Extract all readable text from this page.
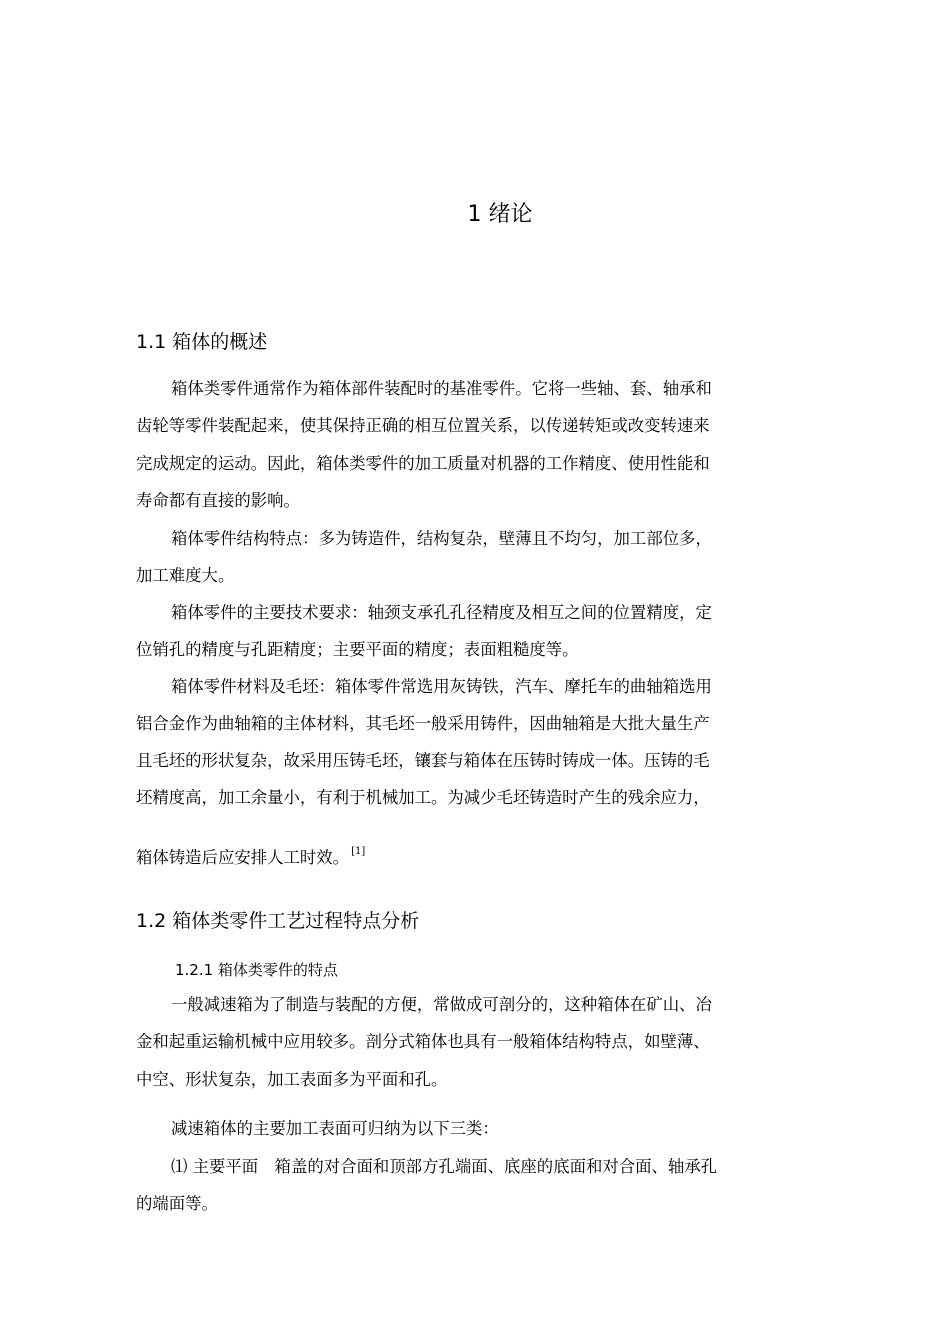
1 绪论
1.1 箱体的概述

箱体类零件通常作为箱体部件装配时的基准零件。它将一些轴、套、轴承和

齿轮等零件装配起来，使其保持正确的相互位置关系，以传递转矩或改变转速来

完成规定的运动。因此，箱体类零件的加工质量对机器的工作精度、使用性能和

寿命都有直接的影响。

箱体零件结构特点：多为铸造件，结构复杂，壁薄且不均匀，加工部位多，

加工难度大。

箱体零件的主要技术要求：轴颈支承孔孔径精度及相互之间的位置精度，定

位销孔的精度与孔距精度；主要平面的精度；表面粗糙度等。

箱体零件材料及毛坯：箱体零件常选用灰铸铁，汽车、摩托车的曲轴箱选用

铝合金作为曲轴箱的主体材料，其毛坯一般采用铸件，因曲轴箱是大批大量生产

且毛坯的形状复杂，故采用压铸毛坯，镶套与箱体在压铸时铸成一体。压铸的毛

坯精度高，加工余量小，有利于机械加工。为减少毛坯铸造时产生的残余应力，

箱体铸造后应安排人工时效。 [1]

1.2 箱体类零件工艺过程特点分析
1.2.1 箱体类零件的特点

一般减速箱为了制造与装配的方便，常做成可剖分的，这种箱体在矿山、冶

金和起重运输机械中应用较多。剖分式箱体也具有一般箱体结构特点，如壁薄、

中空、形状复杂，加工表面多为平面和孔。

减速箱体的主要加工表面可归纳为以下三类：

⑴ 主要平面　箱盖的对合面和顶部方孔端面、底座的底面和对合面、轴承孔

的端面等。
